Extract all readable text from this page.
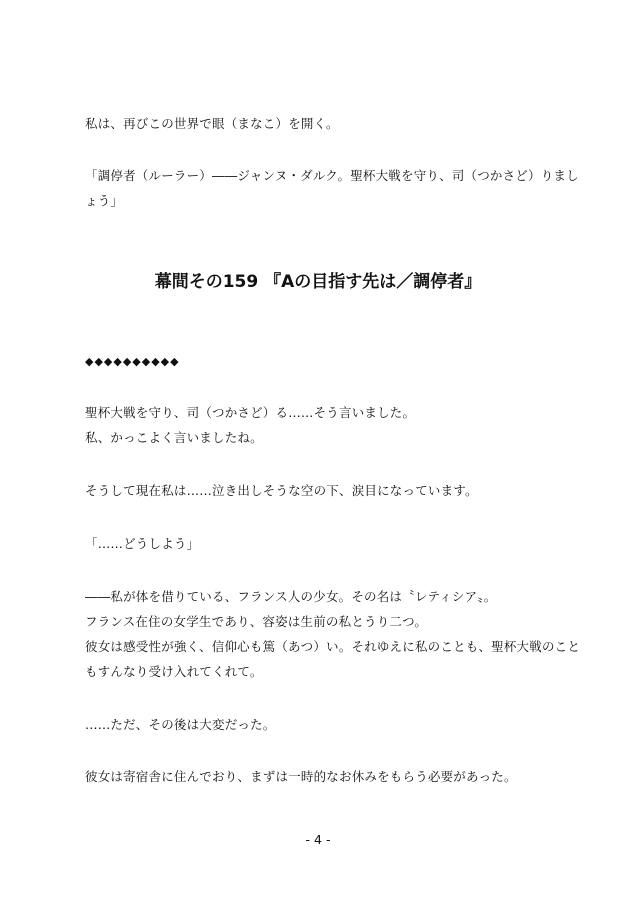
私は、再びこの世界で眼（まなこ）を開く。
「調停者（ルーラー）――ジャンヌ・ダルク。聖杯大戦を守り、司（つかさど）りまし
ょう」
幕間その159 『Aの目指す先は／調停者』
◆◆◆◆◆◆◆◆◆◆
聖杯大戦を守り、司（つかさど）る……そう言いました。
私、かっこよく言いましたね。
そうして現在私は……泣き出しそうな空の下、涙目になっています。
「……どうしよう」
――私が体を借りている、フランス人の少女。その名は〝レティシア〟。
フランス在住の女学生であり、容姿は生前の私とうり二つ。
彼女は感受性が強く、信仰心も篤（あつ）い。それゆえに私のことも、聖杯大戦のこと
もすんなり受け入れてくれて。
……ただ、その後は大変だった。
彼女は寄宿舎に住んでおり、まずは一時的なお休みをもらう必要があった。
- 4 -
